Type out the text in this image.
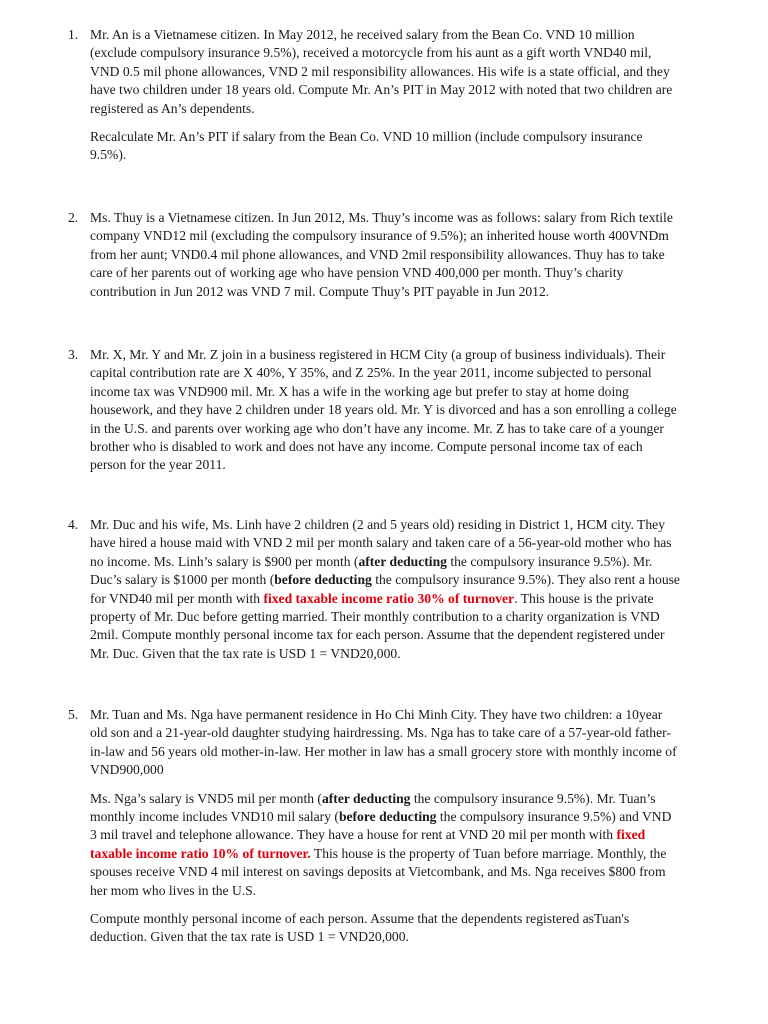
1. Mr. An is a Vietnamese citizen. In May 2012, he received salary from the Bean Co. VND 10 million (exclude compulsory insurance 9.5%), received a motorcycle from his aunt as a gift worth VND40 mil, VND 0.5 mil phone allowances, VND 2 mil responsibility allowances. His wife is a state official, and they have two children under 18 years old. Compute Mr. An’s PIT in May 2012 with noted that two children are registered as An’s dependents.

Recalculate Mr. An’s PIT if salary from the Bean Co. VND 10 million (include compulsory insurance 9.5%).

2. Ms. Thuy is a Vietnamese citizen. In Jun 2012, Ms. Thuy’s income was as follows: salary from Rich textile company VND12 mil (excluding the compulsory insurance of 9.5%); an inherited house worth 400VNDm from her aunt; VND0.4 mil phone allowances, and VND 2mil responsibility allowances. Thuy has to take care of her parents out of working age who have pension VND 400,000 per month. Thuy’s charity contribution in Jun 2012 was VND 7 mil. Compute Thuy’s PIT payable in Jun 2012.

3. Mr. X, Mr. Y and Mr. Z join in a business registered in HCM City (a group of business individuals). Their capital contribution rate are X 40%, Y 35%, and Z 25%. In the year 2011, income subjected to personal income tax was VND900 mil. Mr. X has a wife in the working age but prefer to stay at home doing housework, and they have 2 children under 18 years old. Mr. Y is divorced and has a son enrolling a college in the U.S. and parents over working age who don’t have any income. Mr. Z has to take care of a younger brother who is disabled to work and does not have any income. Compute personal income tax of each person for the year 2011.

4. Mr. Duc and his wife, Ms. Linh have 2 children (2 and 5 years old) residing in District 1, HCM city. They have hired a house maid with VND 2 mil per month salary and taken care of a 56-year-old mother who has no income. Ms. Linh’s salary is $900 per month (after deducting the compulsory insurance 9.5%). Mr. Duc’s salary is $1000 per month (before deducting the compulsory insurance 9.5%). They also rent a house for VND40 mil per month with fixed taxable income ratio 30% of turnover. This house is the private property of Mr. Duc before getting married. Their monthly contribution to a charity organization is VND 2mil. Compute monthly personal income tax for each person. Assume that the dependent registered under Mr. Duc. Given that the tax rate is USD 1 = VND20,000.

5. Mr. Tuan and Ms. Nga have permanent residence in Ho Chi Minh City. They have two children: a 10year old son and a 21-year-old daughter studying hairdressing. Ms. Nga has to take care of a 57-year-old father-in-law and 56 years old mother-in-law. Her mother in law has a small grocery store with monthly income of VND900,000

Ms. Nga’s salary is VND5 mil per month (after deducting the compulsory insurance 9.5%). Mr. Tuan’s monthly income includes VND10 mil salary (before deducting the compulsory insurance 9.5%) and VND 3 mil travel and telephone allowance. They have a house for rent at VND 20 mil per month with fixed taxable income ratio 10% of turnover. This house is the property of Tuan before marriage. Monthly, the spouses receive VND 4 mil interest on savings deposits at Vietcombank, and Ms. Nga receives $800 from her mom who lives in the U.S.

Compute monthly personal income of each person. Assume that the dependents registered asTuan's deduction. Given that the tax rate is USD 1 = VND20,000.
